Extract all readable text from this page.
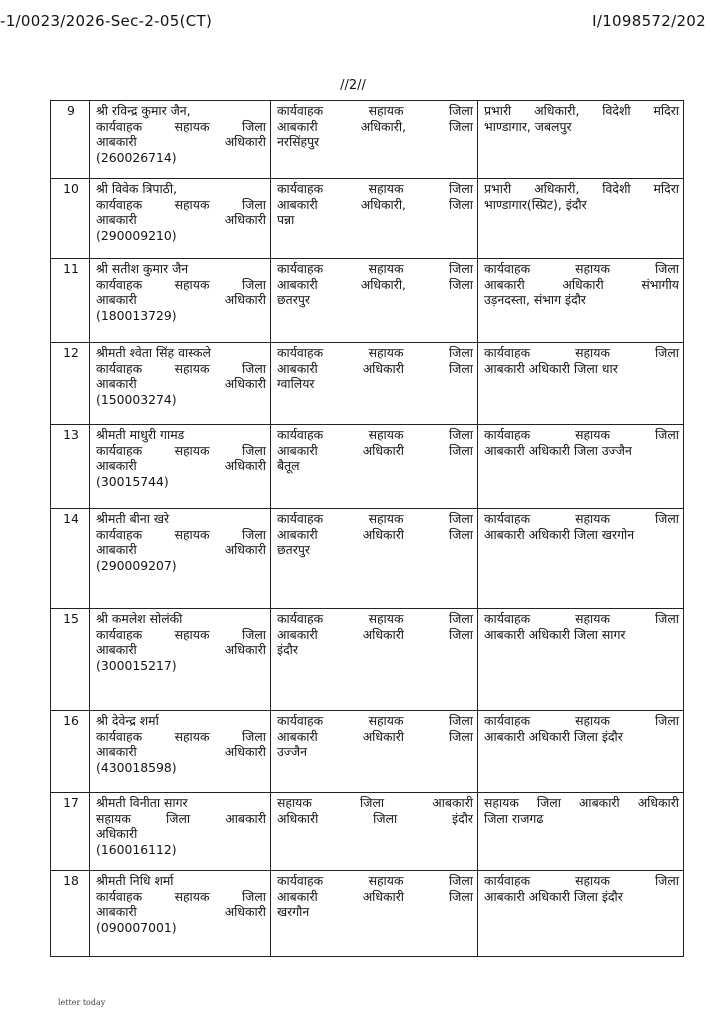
-1/0023/2026-Sec-2-05(CT)	I/1098572/202
//2//
9	श्री रविन्द्र कुमार जैन,
कार्यवाहक सहायक जिला
आबकारी अधिकारी
(260026714)	कार्यवाहक सहायक जिला
आबकारी अधिकारी, जिला
नरसिंहपुर	प्रभारी अधिकारी, विदेशी मदिरा
भाण्डागार, जबलपुर

10	श्री विवेक त्रिपाठी,
कार्यवाहक सहायक जिला
आबकारी अधिकारी
(290009210)	कार्यवाहक सहायक जिला
आबकारी अधिकारी, जिला
पन्ना	प्रभारी अधिकारी, विदेशी मदिरा
भाण्डागार(स्प्रिट), इंदौर

11	श्री सतीश कुमार जैन
कार्यवाहक सहायक जिला
आबकारी अधिकारी
(180013729)	कार्यवाहक सहायक जिला
आबकारी अधिकारी, जिला
छतरपुर	कार्यवाहक सहायक जिला
आबकारी अधिकारी संभागीय
उड़नदस्ता, संभाग इंदौर

12	श्रीमती श्वेता सिंह वास्कले
कार्यवाहक सहायक जिला
आबकारी अधिकारी
(150003274)	कार्यवाहक सहायक जिला
आबकारी अधिकारी जिला
ग्वालियर	कार्यवाहक सहायक जिला
आबकारी अधिकारी जिला धार

13	श्रीमती माधुरी गामड
कार्यवाहक सहायक जिला
आबकारी अधिकारी
(30015744)	कार्यवाहक सहायक जिला
आबकारी अधिकारी जिला
बैतूल	कार्यवाहक सहायक जिला
आबकारी अधिकारी जिला उज्जैन

14	श्रीमती बीना खरे
कार्यवाहक सहायक जिला
आबकारी अधिकारी
(290009207)	कार्यवाहक सहायक जिला
आबकारी अधिकारी जिला
छतरपुर	कार्यवाहक सहायक जिला
आबकारी अधिकारी जिला खरगोन

15	श्री कमलेश सोलंकी
कार्यवाहक सहायक जिला
आबकारी अधिकारी
(300015217)	कार्यवाहक सहायक जिला
आबकारी अधिकारी जिला
इंदौर	कार्यवाहक सहायक जिला
आबकारी अधिकारी जिला सागर

16	श्री देवेन्द्र शर्मा
कार्यवाहक सहायक जिला
आबकारी अधिकारी
(430018598)	कार्यवाहक सहायक जिला
आबकारी अधिकारी जिला
उज्जैन	कार्यवाहक सहायक जिला
आबकारी अधिकारी जिला इंदौर

17	श्रीमती विनीता सागर
सहायक जिला आबकारी
अधिकारी
(160016112)	सहायक जिला आबकारी
अधिकारी जिला इंदौर	सहायक जिला आबकारी अधिकारी
जिला राजगढ

18	श्रीमती निधि शर्मा
कार्यवाहक सहायक जिला
आबकारी अधिकारी
(090007001)	कार्यवाहक सहायक जिला
आबकारी अधिकारी जिला
खरगौन	कार्यवाहक सहायक जिला
आबकारी अधिकारी जिला इंदौर
letter today
